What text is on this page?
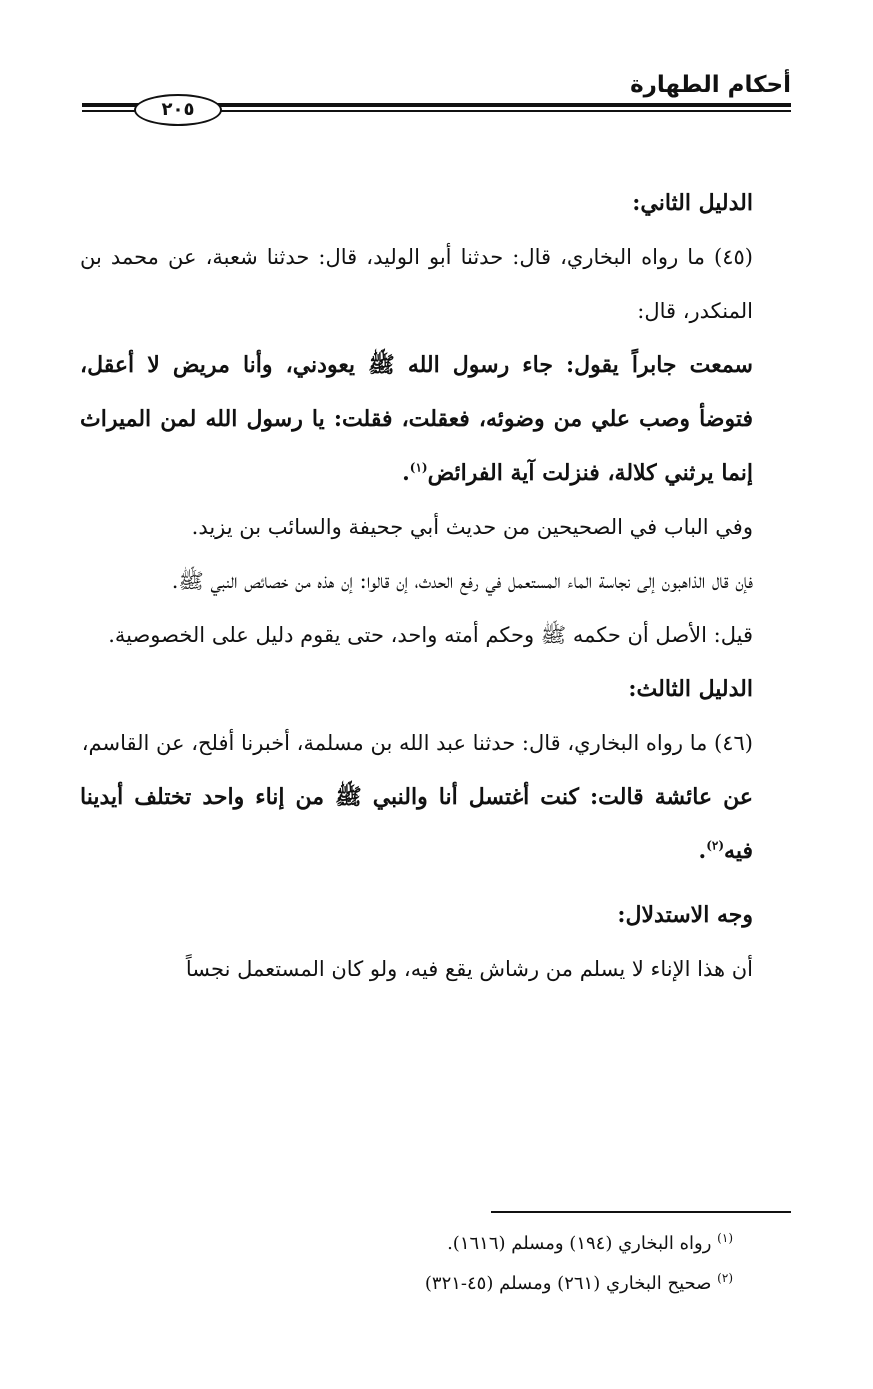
أحكام الطهارة
٢٠٥

الدليل الثاني:

(٤٥) ما رواه البخاري، قال: حدثنا أبو الوليد، قال: حدثنا شعبة، عن محمد بن المنكدر، قال:

سمعت جابراً يقول: جاء رسول الله ﷺ يعودني، وأنا مريض لا أعقل، فتوضأ وصب علي من وضوئه، فعقلت، فقلت: يا رسول الله لمن الميراث إنما يرثني كلالة، فنزلت آية الفرائض$^{(١)}$.

وفي الباب في الصحيحين من حديث أبي جحيفة والسائب بن يزيد.

فإن قال الذاهبون إلى نجاسة الماء المستعمل في رفع الحدث، إن قالوا: إن هذه من خصائص النبي ﷺ.

قيل: الأصل أن حكمه ﷺ وحكم أمته واحد، حتى يقوم دليل على الخصوصية.

الدليل الثالث:

(٤٦) ما رواه البخاري، قال: حدثنا عبد الله بن مسلمة، أخبرنا أفلح، عن القاسم،

عن عائشة قالت: كنت أغتسل أنا والنبي ﷺ من إناء واحد تختلف أيدينا فيه$^{(٢)}$.

وجه الاستدلال:

أن هذا الإناء لا يسلم من رشاش يقع فيه، ولو كان المستعمل نجساً

$^{(١)}$ رواه البخاري (١٩٤) ومسلم (١٦١٦).

$^{(٢)}$ صحيح البخاري (٢٦١) ومسلم (٤٥-٣٢١)
